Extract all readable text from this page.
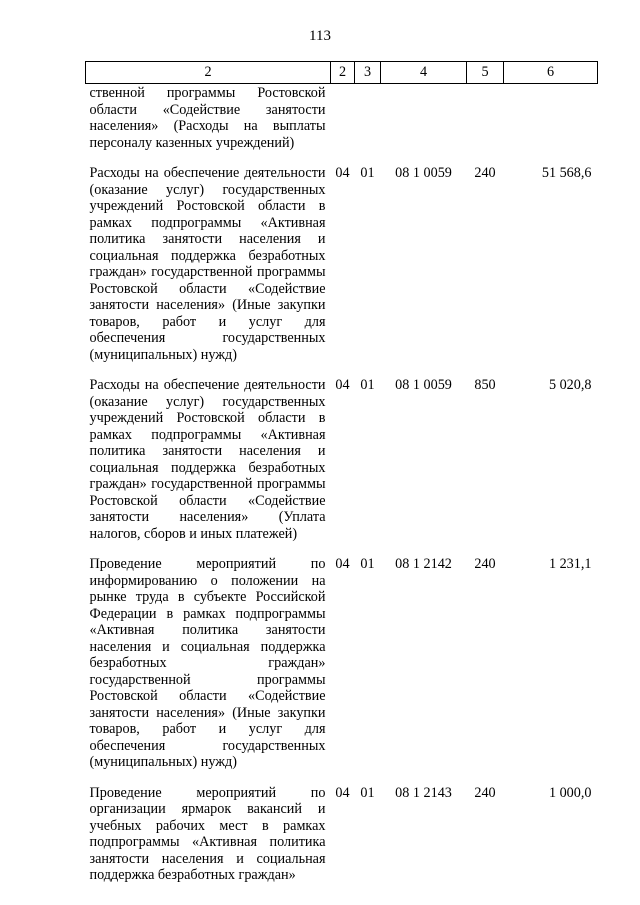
113
2	2	3	4	5	6
ственной программы Ростовской области «Содействие занятости населения» (Расходы на выплаты персоналу казенных учреждений)					
Расходы на обеспечение деятельности (оказание услуг) государственных учреждений Ростовской области в рамках подпрограммы «Активная политика занятости населения и социальная поддержка безработных граждан» государственной программы Ростовской области «Содействие занятости населения» (Иные закупки товаров, работ и услуг для обеспечения государственных (муниципальных) нужд)	04	01	08 1 0059	240	51 568,6
Расходы на обеспечение деятельности (оказание услуг) государственных учреждений Ростовской области в рамках подпрограммы «Активная политика занятости населения и социальная поддержка безработных граждан» государственной программы Ростовской области «Содействие занятости населения» (Уплата налогов, сборов и иных платежей)	04	01	08 1 0059	850	5 020,8
Проведение мероприятий по информированию о положении на рынке труда в субъекте Российской Федерации в рамках подпрограммы «Активная политика занятости населения и социальная поддержка безработных граждан» государственной программы Ростовской области «Содействие занятости населения» (Иные закупки товаров, работ и услуг для обеспечения государственных (муниципальных) нужд)	04	01	08 1 2142	240	1 231,1
Проведение мероприятий по организации ярмарок вакансий и учебных рабочих мест в рамках подпрограммы «Активная политика занятости населения и социальная поддержка безработных граждан»	04	01	08 1 2143	240	1 000,0
